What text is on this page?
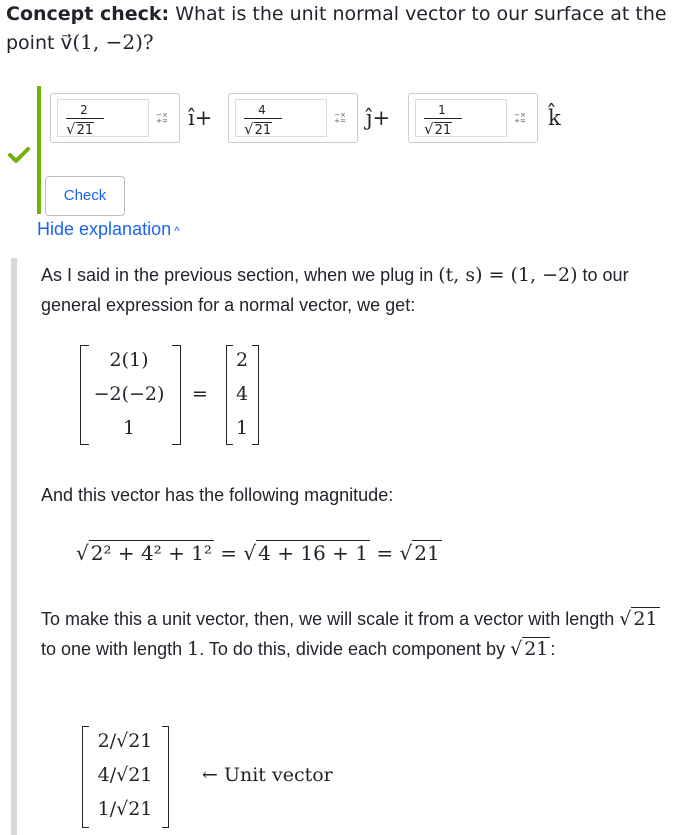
Concept check: What is the unit normal vector to our surface at the point v⃗(1, −2)?
2
√21
−×
+= î+	4
√21
−×
+= ĵ+	1
√21
−×
+= k̂
Check
Hide explanation ^
As I said in the previous section, when we plug in (t, s) = (1, −2) to our general expression for a normal vector, we get:
2(1)
−2(−2)
1
=
2
4
1
And this vector has the following magnitude:
√ 2² + 4² + 1² = √ 4 + 16 + 1 = √ 21
To make this a unit vector, then, we will scale it from a vector with length √ 21 to one with length 1. To do this, divide each component by √ 21 :
2/√21
4/√21
1/√21
← Unit vector
